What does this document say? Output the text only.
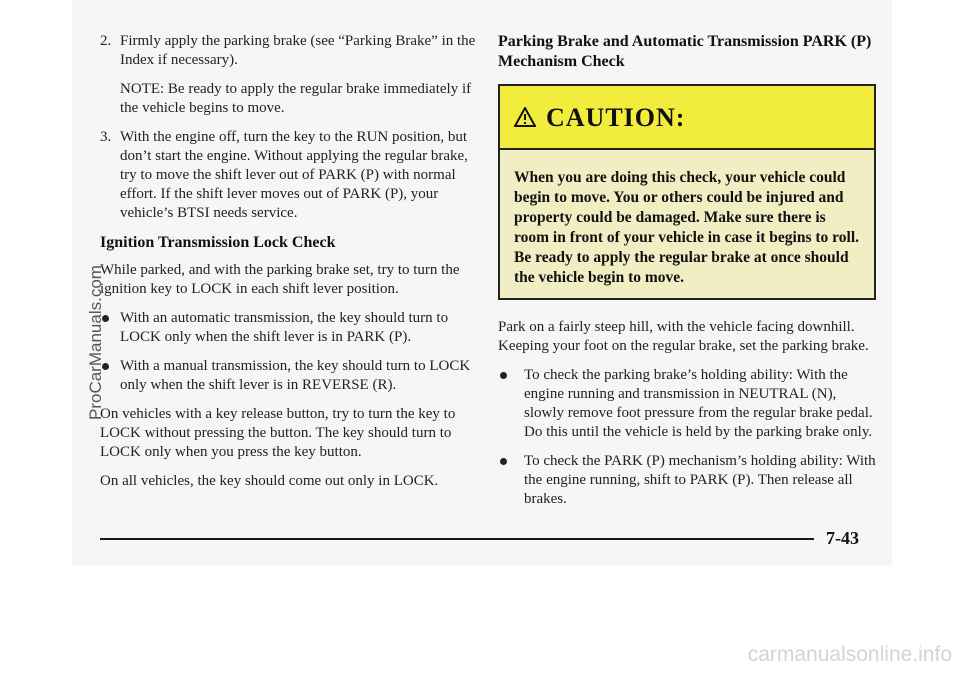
2. Firmly apply the parking brake (see “Parking Brake” in the Index if necessary).
NOTE: Be ready to apply the regular brake immediately if the vehicle begins to move.
3. With the engine off, turn the key to the RUN position, but don’t start the engine. Without applying the regular brake, try to move the shift lever out of PARK (P) with normal effort. If the shift lever moves out of PARK (P), your vehicle’s BTSI needs service.
Ignition Transmission Lock Check

While parked, and with the parking brake set, try to turn the ignition key to LOCK in each shift lever position.

With an automatic transmission, the key should turn to LOCK only when the shift lever is in PARK (P).
With a manual transmission, the key should turn to LOCK only when the shift lever is in REVERSE (R).

On vehicles with a key release button, try to turn the key to LOCK without pressing the button. The key should turn to LOCK only when you press the key button.

On all vehicles, the key should come out only in LOCK.

Parking Brake and Automatic Transmission PARK (P) Mechanism Check
CAUTION:
When you are doing this check, your vehicle could begin to move. You or others could be injured and property could be damaged. Make sure there is room in front of your vehicle in case it begins to roll. Be ready to apply the regular brake at once should the vehicle begin to move.

Park on a fairly steep hill, with the vehicle facing downhill. Keeping your foot on the regular brake, set the parking brake.

To check the parking brake’s holding ability: With the engine running and transmission in NEUTRAL (N), slowly remove foot pressure from the regular brake pedal. Do this until the vehicle is held by the parking brake only.
To check the PARK (P) mechanism’s holding ability: With the engine running, shift to PARK (P). Then release all brakes.
7-43
ProCarManuals.com
carmanualsonline.info
